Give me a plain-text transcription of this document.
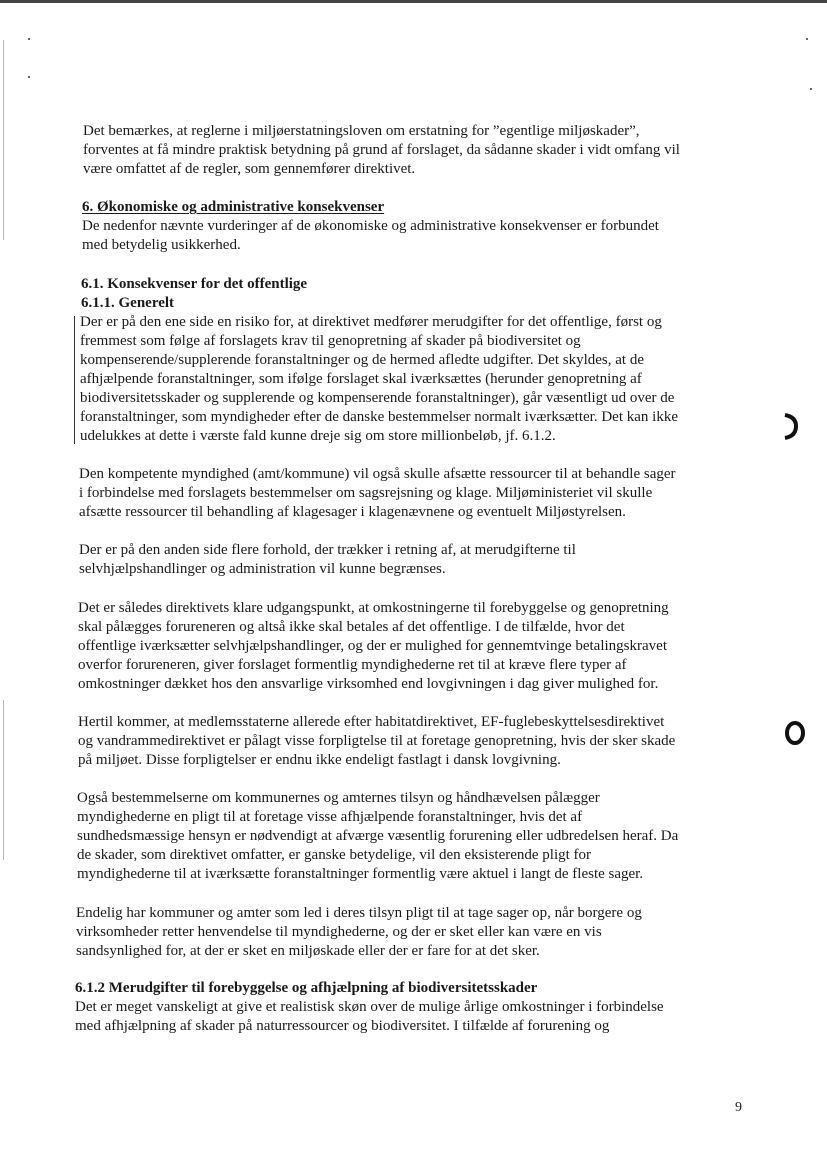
Det bemærkes, at reglerne i miljøerstatningsloven om erstatning for ”egentlige miljøskader”,

forventes at få mindre praktisk betydning på grund af forslaget, da sådanne skader i vidt omfang vil

være omfattet af de regler, som gennemfører direktivet.

6. Økonomiske og administrative konsekvenser

De nedenfor nævnte vurderinger af de økonomiske og administrative konsekvenser er forbundet

med betydelig usikkerhed.

6.1. Konsekvenser for det offentlige

6.1.1. Generelt

Der er på den ene side en risiko for, at direktivet medfører merudgifter for det offentlige, først og

fremmest som følge af forslagets krav til genopretning af skader på biodiversitet og

kompenserende/supplerende foranstaltninger og de hermed afledte udgifter. Det skyldes, at de

afhjælpende foranstaltninger, som ifølge forslaget skal iværksættes (herunder genopretning af

biodiversitetsskader og supplerende og kompenserende foranstaltninger), går væsentligt ud over de

foranstaltninger, som myndigheder efter de danske bestemmelser normalt iværksætter. Det kan ikke

udelukkes at dette i værste fald kunne dreje sig om store millionbeløb, jf. 6.1.2.

Den kompetente myndighed (amt/kommune) vil også skulle afsætte ressourcer til at behandle sager

i forbindelse med forslagets bestemmelser om sagsrejsning og klage. Miljøministeriet vil skulle

afsætte ressourcer til behandling af klagesager i klagenævnene og eventuelt Miljøstyrelsen.

Der er på den anden side flere forhold, der trækker i retning af, at merudgifterne til

selvhjælpshandlinger og administration vil kunne begrænses.

Det er således direktivets klare udgangspunkt, at omkostningerne til forebyggelse og genopretning

skal pålægges forureneren og altså ikke skal betales af det offentlige. I de tilfælde, hvor det

offentlige iværksætter selvhjælpshandlinger, og der er mulighed for gennemtvinge betalingskravet

overfor forureneren, giver forslaget formentlig myndighederne ret til at kræve flere typer af

omkostninger dækket hos den ansvarlige virksomhed end lovgivningen i dag giver mulighed for.

Hertil kommer, at medlemsstaterne allerede efter habitatdirektivet, EF-fuglebeskyttelsesdirektivet

og vandrammedirektivet er pålagt visse forpligtelse til at foretage genopretning, hvis der sker skade

på miljøet. Disse forpligtelser er endnu ikke endeligt fastlagt i dansk lovgivning.

Også bestemmelserne om kommunernes og amternes tilsyn og håndhævelsen pålægger

myndighederne en pligt til at foretage visse afhjælpende foranstaltninger, hvis det af

sundhedsmæssige hensyn er nødvendigt at afværge væsentlig forurening eller udbredelsen heraf. Da

de skader, som direktivet omfatter, er ganske betydelige, vil den eksisterende pligt for

myndighederne til at iværksætte foranstaltninger formentlig være aktuel i langt de fleste sager.

Endelig har kommuner og amter som led i deres tilsyn pligt til at tage sager op, når borgere og

virksomheder retter henvendelse til myndighederne, og der er sket eller kan være en vis

sandsynlighed for, at der er sket en miljøskade eller der er fare for at det sker.

6.1.2 Merudgifter til forebyggelse og afhjælpning af biodiversitetsskader

Det er meget vanskeligt at give et realistisk skøn over de mulige årlige omkostninger i forbindelse

med afhjælpning af skader på naturressourcer og biodiversitet. I tilfælde af forurening og

9
